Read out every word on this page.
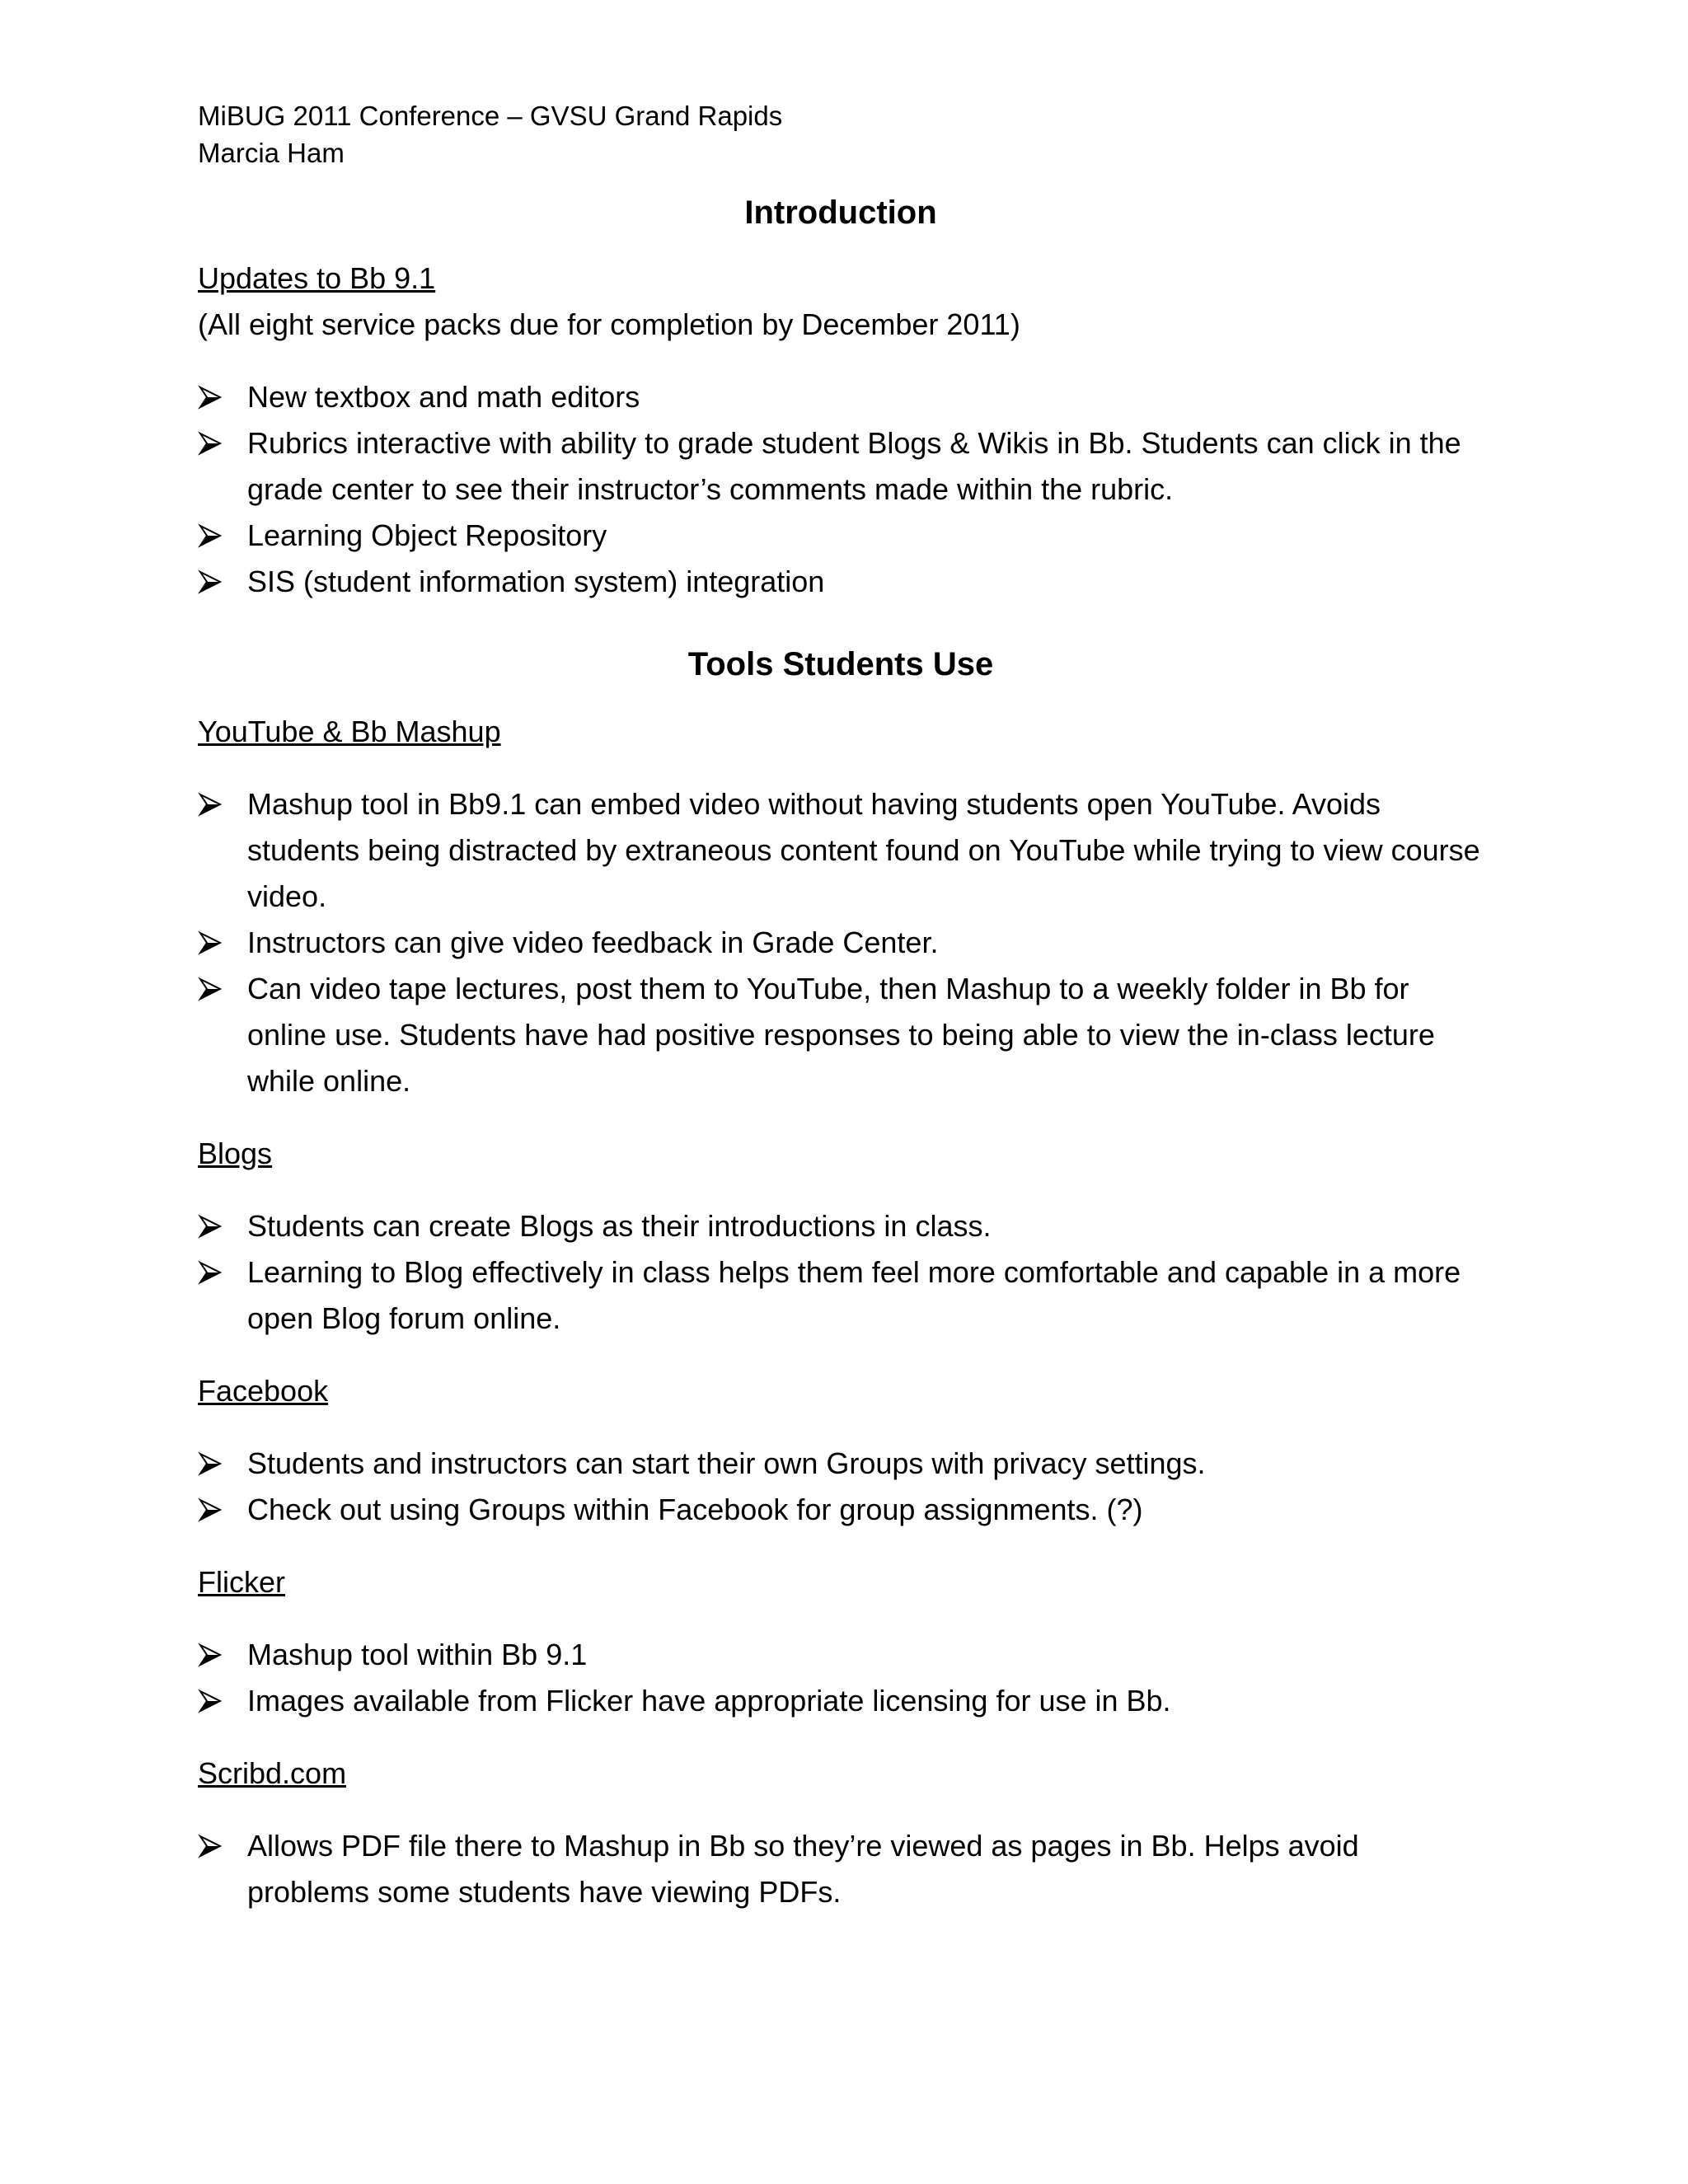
MiBUG 2011 Conference – GVSU Grand Rapids

Marcia Ham

Introduction

Updates to Bb 9.1

(All eight service packs due for completion by December 2011)

New textbox and math editors
Rubrics interactive with ability to grade student Blogs & Wikis in Bb. Students can click in the grade center to see their instructor’s comments made within the rubric.
Learning Object Repository
SIS (student information system) integration
Tools Students Use

YouTube & Bb Mashup

Mashup tool in Bb9.1 can embed video without having students open YouTube. Avoids students being distracted by extraneous content found on YouTube while trying to view course video.
Instructors can give video feedback in Grade Center.
Can video tape lectures, post them to YouTube, then Mashup to a weekly folder in Bb for online use. Students have had positive responses to being able to view the in-class lecture while online.

Blogs

Students can create Blogs as their introductions in class.
Learning to Blog effectively in class helps them feel more comfortable and capable in a more open Blog forum online.

Facebook

Students and instructors can start their own Groups with privacy settings.
Check out using Groups within Facebook for group assignments. (?)

Flicker

Mashup tool within Bb 9.1
Images available from Flicker have appropriate licensing for use in Bb.

Scribd.com

Allows PDF file there to Mashup in Bb so they’re viewed as pages in Bb. Helps avoid problems some students have viewing PDFs.
